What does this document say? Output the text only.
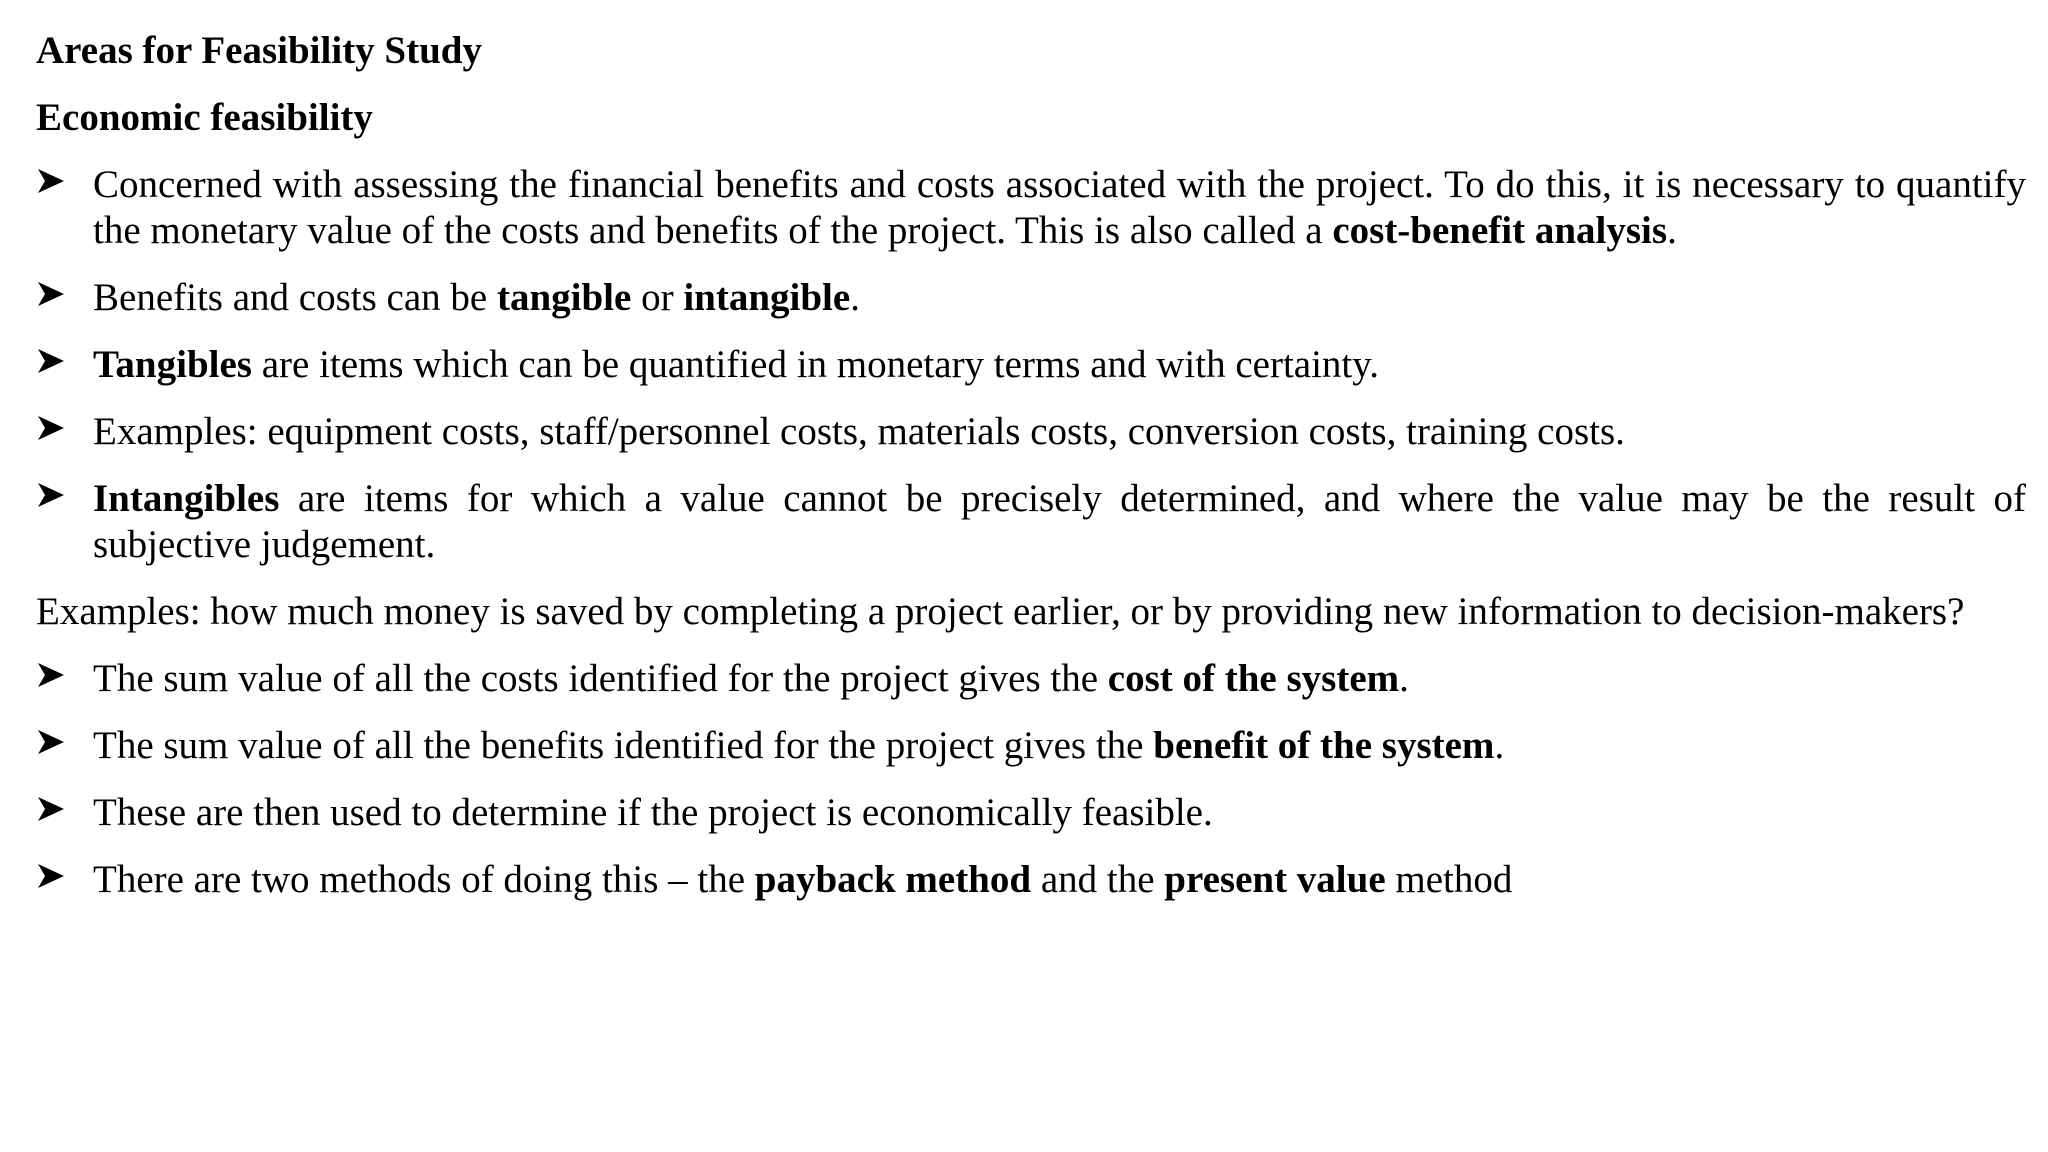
Areas for Feasibility Study
Economic feasibility
Concerned with assessing the financial benefits and costs associated with the project. To do this, it is necessary to quantify the monetary value of the costs and benefits of the project. This is also called a cost-benefit analysis.
Benefits and costs can be tangible or intangible.
Tangibles are items which can be quantified in monetary terms and with certainty.
Examples: equipment costs, staff/personnel costs, materials costs, conversion costs, training costs.
Intangibles are items for which a value cannot be precisely determined, and where the value may be the result of subjective judgement.
Examples: how much money is saved by completing a project earlier, or by providing new information to decision-makers?
The sum value of all the costs identified for the project gives the cost of the system.
The sum value of all the benefits identified for the project gives the benefit of the system.
These are then used to determine if the project is economically feasible.
There are two methods of doing this – the payback method and the present value method
